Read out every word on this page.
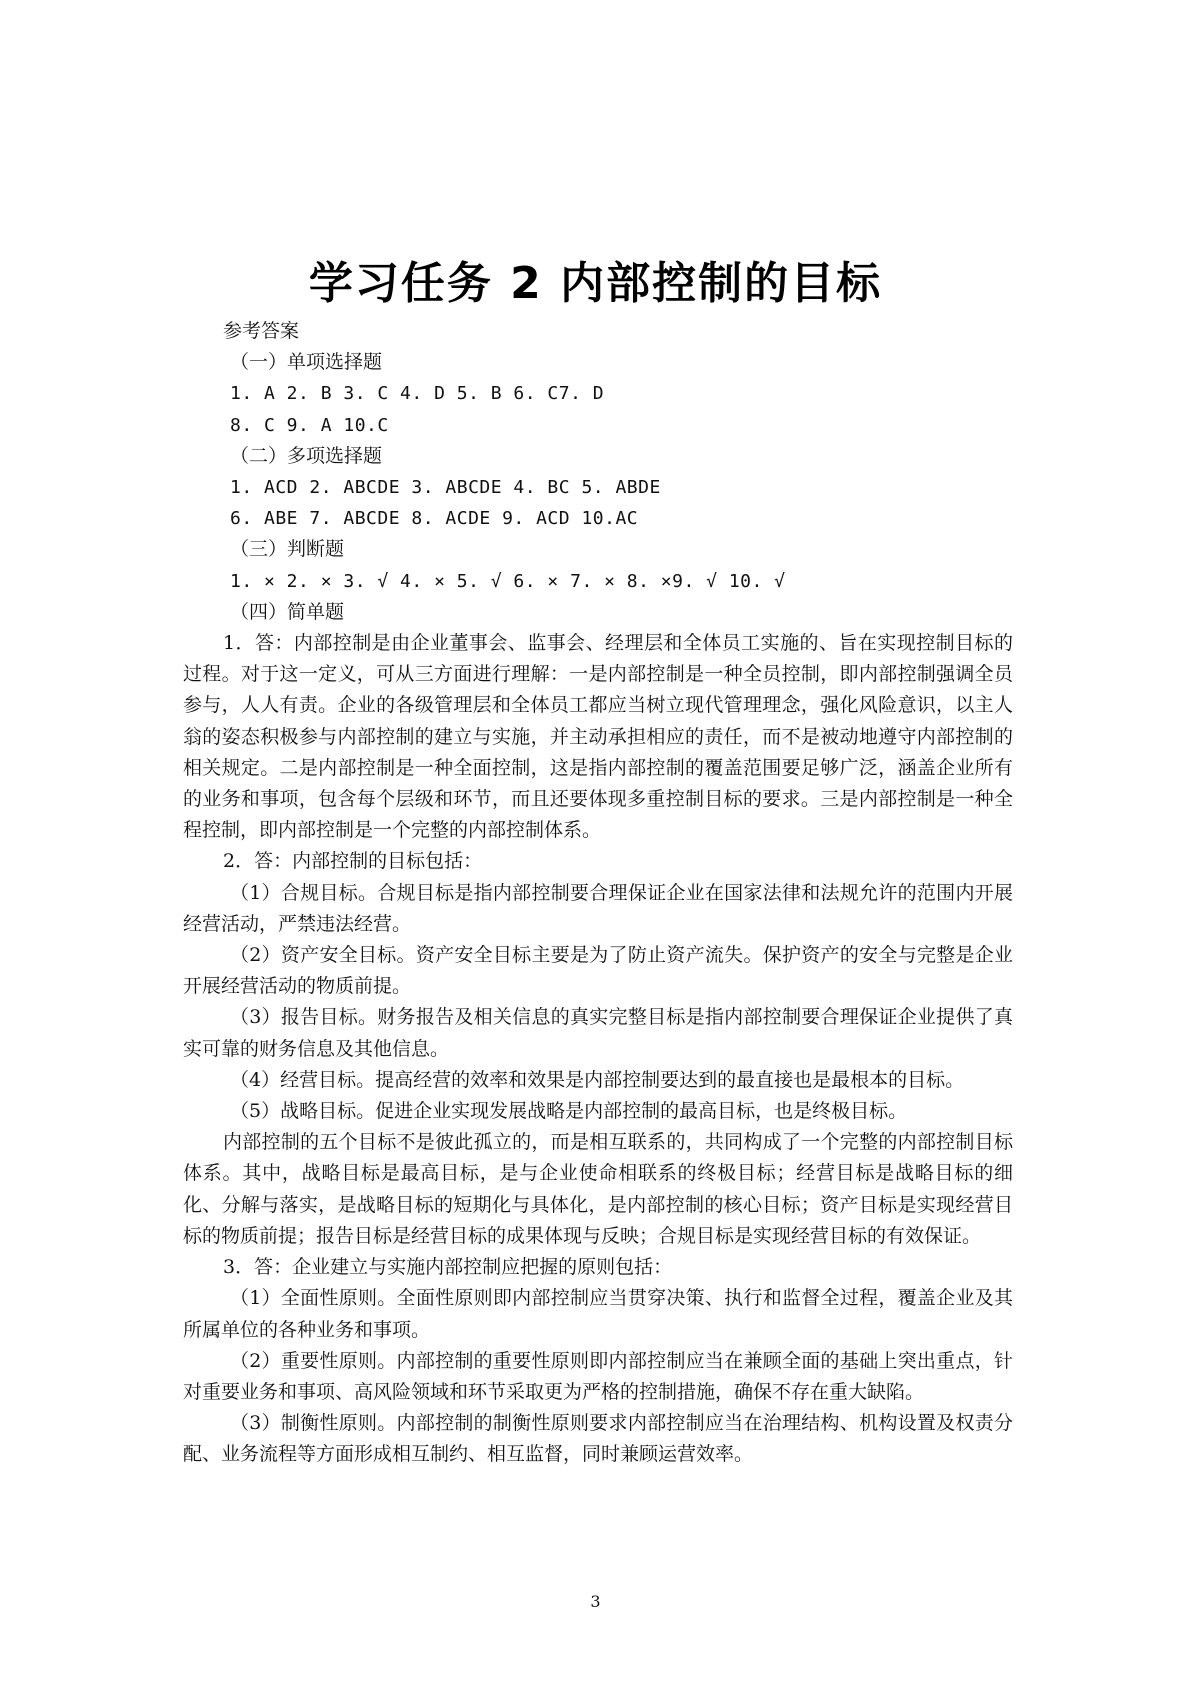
学习任务 2 内部控制的目标

参考答案

（一）单项选择题

1. A 2. B 3. C 4. D 5. B 6. C7. D

8. C 9. A 10.C

（二）多项选择题

1. ACD 2. ABCDE 3. ABCDE 4. BC 5. ABDE

6. ABE 7. ABCDE 8. ACDE 9. ACD 10.AC

（三）判断题

1. × 2. × 3. √ 4. × 5. √ 6. × 7. × 8. ×9. √ 10. √

（四）简单题

1．答：内部控制是由企业董事会、监事会、经理层和全体员工实施的、旨在实现控制目标的过程。对于这一定义，可从三方面进行理解：一是内部控制是一种全员控制，即内部控制强调全员参与，人人有责。企业的各级管理层和全体员工都应当树立现代管理理念，强化风险意识，以主人翁的姿态积极参与内部控制的建立与实施，并主动承担相应的责任，而不是被动地遵守内部控制的相关规定。二是内部控制是一种全面控制，这是指内部控制的覆盖范围要足够广泛，涵盖企业所有的业务和事项，包含每个层级和环节，而且还要体现多重控制目标的要求。三是内部控制是一种全程控制，即内部控制是一个完整的内部控制体系。

2．答：内部控制的目标包括：

（1）合规目标。合规目标是指内部控制要合理保证企业在国家法律和法规允许的范围内开展经营活动，严禁违法经营。

（2）资产安全目标。资产安全目标主要是为了防止资产流失。保护资产的安全与完整是企业开展经营活动的物质前提。

（3）报告目标。财务报告及相关信息的真实完整目标是指内部控制要合理保证企业提供了真实可靠的财务信息及其他信息。

（4）经营目标。提高经营的效率和效果是内部控制要达到的最直接也是最根本的目标。

（5）战略目标。促进企业实现发展战略是内部控制的最高目标，也是终极目标。

内部控制的五个目标不是彼此孤立的，而是相互联系的，共同构成了一个完整的内部控制目标体系。其中，战略目标是最高目标，是与企业使命相联系的终极目标；经营目标是战略目标的细化、分解与落实，是战略目标的短期化与具体化，是内部控制的核心目标；资产目标是实现经营目标的物质前提；报告目标是经营目标的成果体现与反映；合规目标是实现经营目标的有效保证。

3．答：企业建立与实施内部控制应把握的原则包括：

（1）全面性原则。全面性原则即内部控制应当贯穿决策、执行和监督全过程，覆盖企业及其所属单位的各种业务和事项。

（2）重要性原则。内部控制的重要性原则即内部控制应当在兼顾全面的基础上突出重点，针对重要业务和事项、高风险领域和环节采取更为严格的控制措施，确保不存在重大缺陷。

（3）制衡性原则。内部控制的制衡性原则要求内部控制应当在治理结构、机构设置及权责分配、业务流程等方面形成相互制约、相互监督，同时兼顾运营效率。

3
